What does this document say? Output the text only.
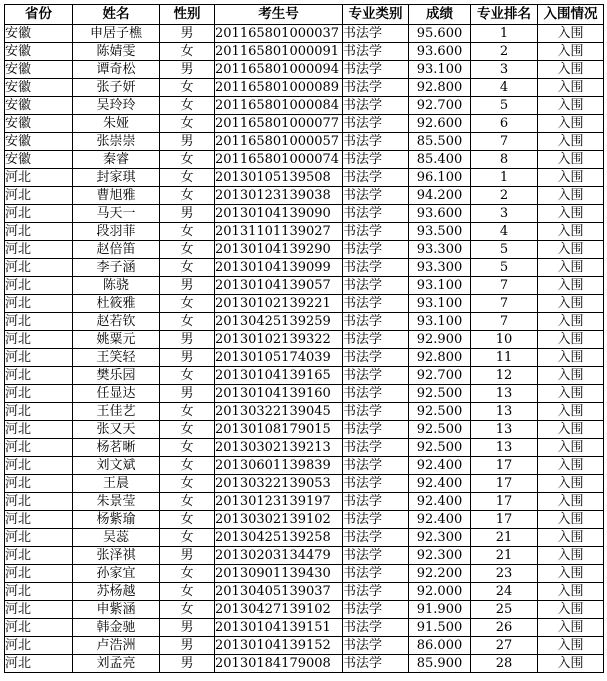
省份	姓名	性别	考生号	专业类别	成绩	专业排名	入围情况
安徽	申居子樵	男	201165801000037	书法学	95.600	1	入围
安徽	陈婧雯	女	201165801000091	书法学	93.600	2	入围
安徽	谭奇松	男	201165801000094	书法学	93.100	3	入围
安徽	张子妍	女	201165801000089	书法学	92.800	4	入围
安徽	吴玲玲	女	201165801000084	书法学	92.700	5	入围
安徽	朱娅	女	201165801000077	书法学	92.600	6	入围
安徽	张崇崇	男	201165801000057	书法学	85.500	7	入围
安徽	秦睿	女	201165801000074	书法学	85.400	8	入围
河北	封家琪	女	20130105139508	书法学	96.100	1	入围
河北	曹旭雅	女	20130123139038	书法学	94.200	2	入围
河北	马天一	男	20130104139090	书法学	93.600	3	入围
河北	段羽菲	女	20131101139027	书法学	93.500	4	入围
河北	赵倍笛	女	20130104139290	书法学	93.300	5	入围
河北	李子涵	女	20130104139099	书法学	93.300	5	入围
河北	陈骁	男	20130104139057	书法学	93.100	7	入围
河北	杜筱雅	女	20130102139221	书法学	93.100	7	入围
河北	赵若钦	女	20130425139259	书法学	93.100	7	入围
河北	姚粟元	男	20130102139322	书法学	92.900	10	入围
河北	王笑轻	男	20130105174039	书法学	92.800	11	入围
河北	樊乐园	女	20130104139165	书法学	92.700	12	入围
河北	任显达	男	20130104139160	书法学	92.500	13	入围
河北	王佳艺	女	20130322139045	书法学	92.500	13	入围
河北	张又天	女	20130108179015	书法学	92.500	13	入围
河北	杨茗晰	女	20130302139213	书法学	92.500	13	入围
河北	刘文斌	女	20130601139839	书法学	92.400	17	入围
河北	王晨	女	20130322139053	书法学	92.400	17	入围
河北	朱景莹	女	20130123139197	书法学	92.400	17	入围
河北	杨紫瑜	女	20130302139102	书法学	92.400	17	入围
河北	吴蕊	女	20130425139258	书法学	92.300	21	入围
河北	张泽祺	男	20130203134479	书法学	92.300	21	入围
河北	孙家宜	女	20130901139430	书法学	92.200	23	入围
河北	苏杨越	女	20130405139037	书法学	92.000	24	入围
河北	申紫涵	女	20130427139102	书法学	91.900	25	入围
河北	韩金驰	男	20130104139151	书法学	91.500	26	入围
河北	卢浩洲	男	20130104139152	书法学	86.000	27	入围
河北	刘孟亮	男	20130184179008	书法学	85.900	28	入围
